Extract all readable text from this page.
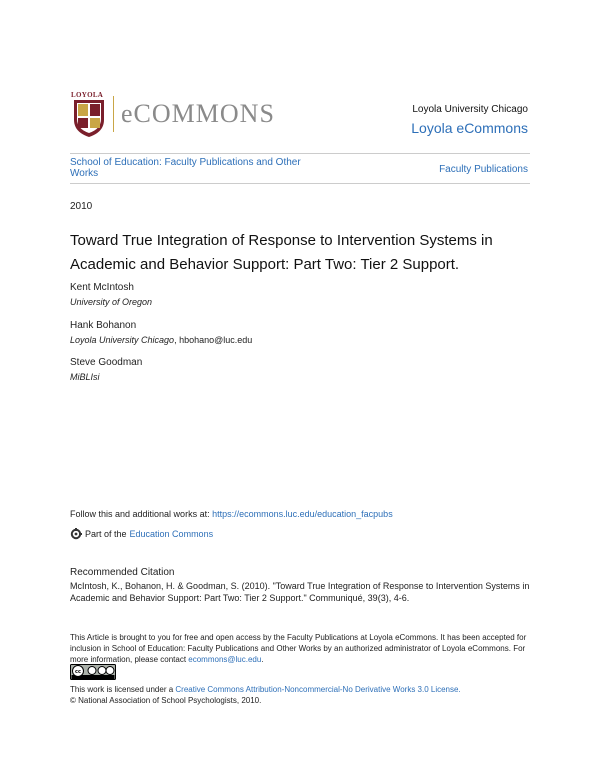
LOYOLA
eCOMMONS	Loyola University Chicago
Loyola eCommons
School of Education: Faculty Publications and Other Works	Faculty Publications
2010
Toward True Integration of Response to Intervention Systems in Academic and Behavior Support: Part Two: Tier 2 Support.
Kent McIntosh
University of Oregon
Hank Bohanon
Loyola University Chicago, hbohano@luc.edu
Steve Goodman
MiBLIsi
Follow this and additional works at: https://ecommons.luc.edu/education_facpubs
Part of the Education Commons
Recommended Citation
McIntosh, K., Bohanon, H. & Goodman, S. (2010). "Toward True Integration of Response to Intervention Systems in Academic and Behavior Support: Part Two: Tier 2 Support." Communiqué, 39(3), 4-6.
This Article is brought to you for free and open access by the Faculty Publications at Loyola eCommons. It has been accepted for inclusion in School of Education: Faculty Publications and Other Works by an authorized administrator of Loyola eCommons. For more information, please contact ecommons@luc.edu.
cc
This work is licensed under a Creative Commons Attribution-Noncommercial-No Derivative Works 3.0 License.
© National Association of School Psychologists, 2010.
